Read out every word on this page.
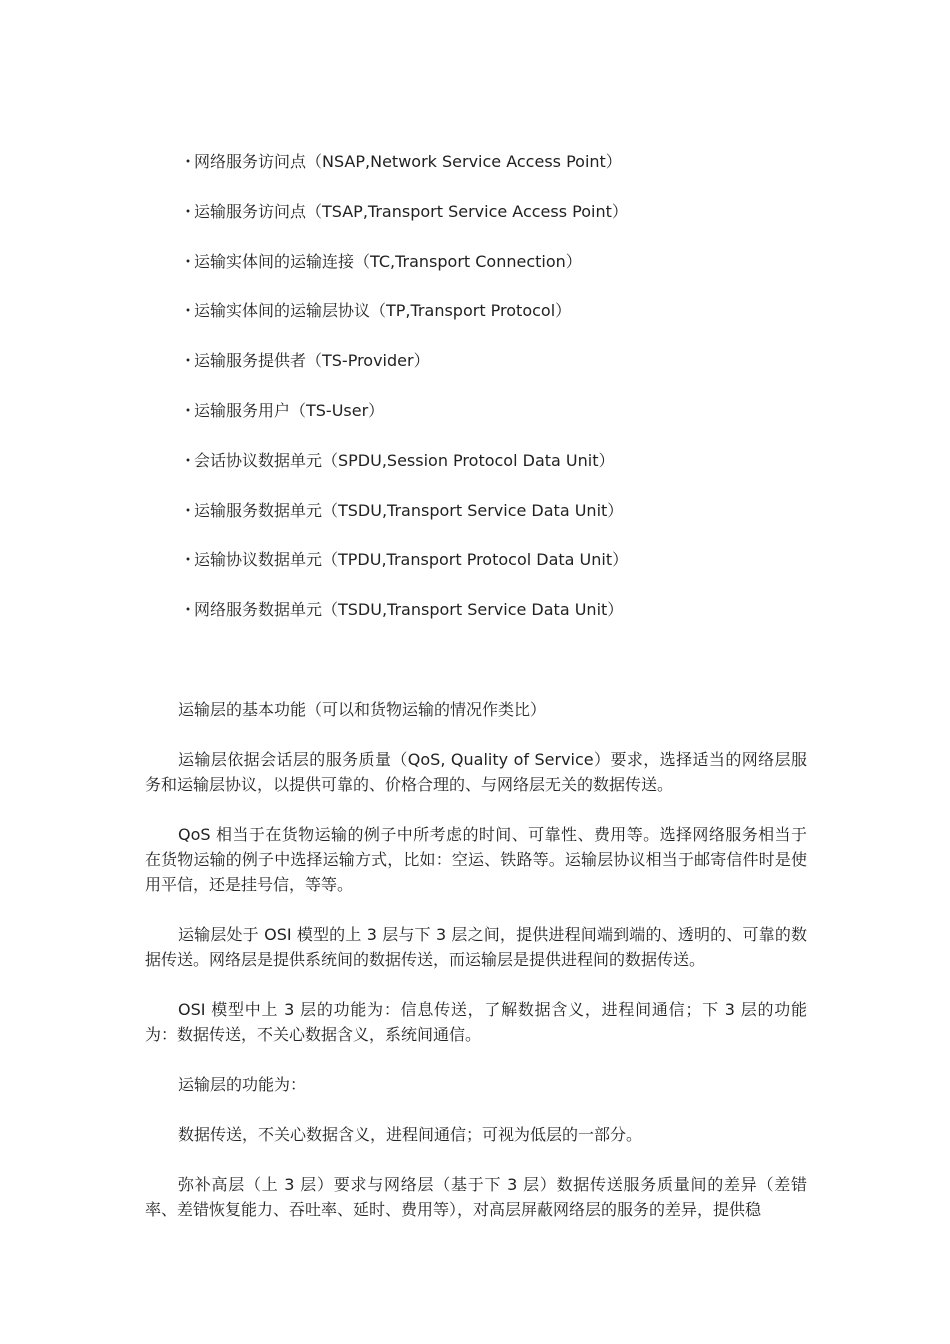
・网络服务访问点（NSAP,Network Service Access Point）
・运输服务访问点（TSAP,Transport Service Access Point）
・运输实体间的运输连接（TC,Transport Connection）
・运输实体间的运输层协议（TP,Transport Protocol）
・运输服务提供者（TS-Provider）
・运输服务用户（TS-User）
・会话协议数据单元（SPDU,Session Protocol Data Unit）
・运输服务数据单元（TSDU,Transport Service Data Unit）
・运输协议数据单元（TPDU,Transport Protocol Data Unit）
・网络服务数据单元（TSDU,Transport Service Data Unit）

运输层的基本功能（可以和货物运输的情况作类比）

运输层依据会话层的服务质量（QoS, Quality of Service）要求，选择适当的网络层服务和运输层协议，以提供可靠的、价格合理的、与网络层无关的数据传送。

QoS 相当于在货物运输的例子中所考虑的时间、可靠性、费用等。选择网络服务相当于在货物运输的例子中选择运输方式，比如：空运、铁路等。运输层协议相当于邮寄信件时是使用平信，还是挂号信，等等。

运输层处于 OSI 模型的上 3 层与下 3 层之间，提供进程间端到端的、透明的、可靠的数据传送。网络层是提供系统间的数据传送，而运输层是提供进程间的数据传送。

OSI 模型中上 3 层的功能为：信息传送，了解数据含义，进程间通信；下 3 层的功能为：数据传送，不关心数据含义，系统间通信。

运输层的功能为：

数据传送，不关心数据含义，进程间通信；可视为低层的一部分。

弥补高层（上 3 层）要求与网络层（基于下 3 层）数据传送服务质量间的差异（差错率、差错恢复能力、吞吐率、延时、费用等），对高层屏蔽网络层的服务的差异，提供稳
